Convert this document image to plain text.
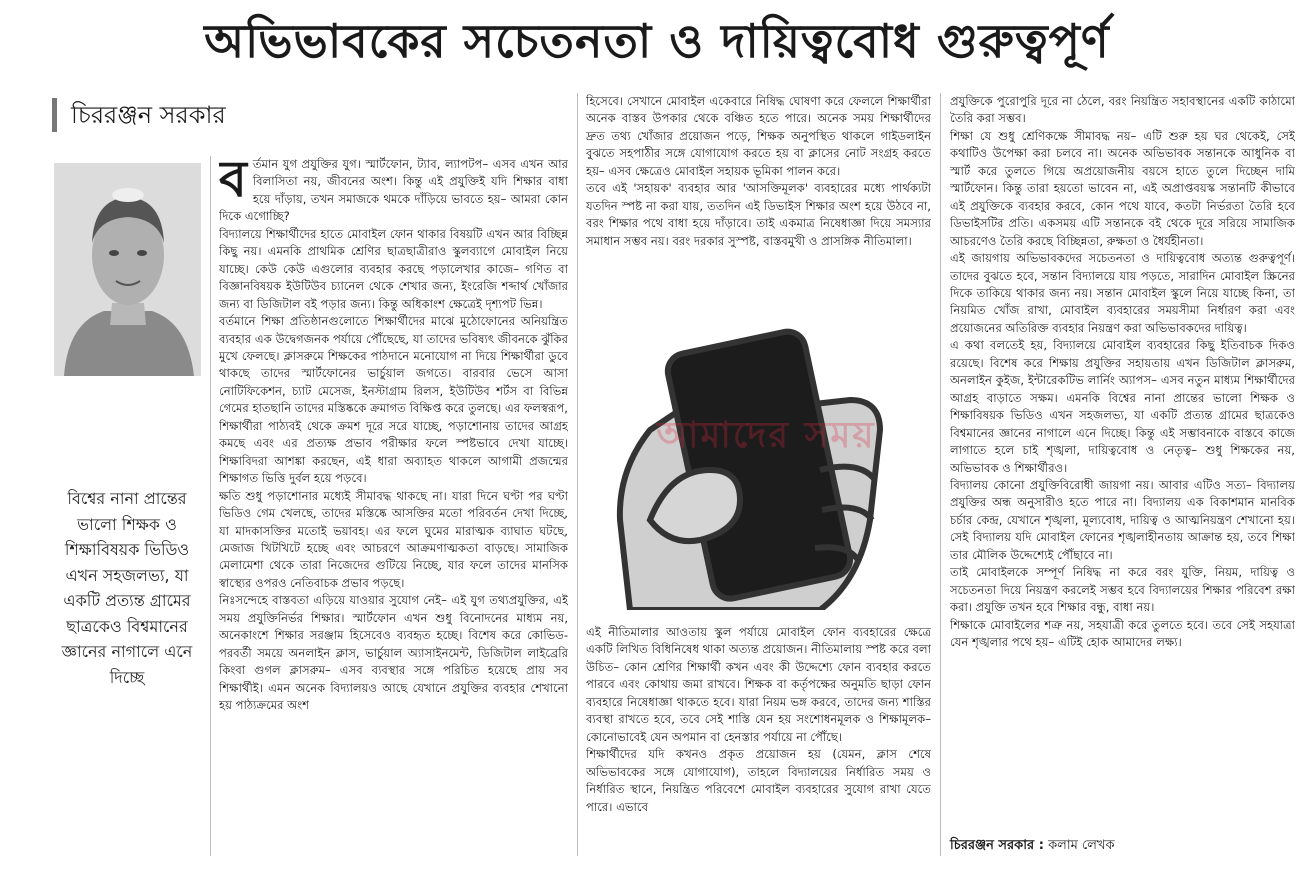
অভিভাবকের সচেতনতা ও দায়িত্ববোধ গুরুত্বপূর্ণ
চিররঞ্জন সরকার
বিশ্বের নানা প্রান্তের ভালো শিক্ষক ও শিক্ষাবিষয়ক ভিডিও এখন সহজলভ্য, যা একটি প্রত্যন্ত গ্রামের ছাত্রকেও বিশ্বমানের জ্ঞানের নাগালে এনে দিচ্ছে
ব র্তমান যুগ প্রযুক্তির যুগ। স্মার্টফোন, ট্যাব, ল্যাপটপ– এসব এখন আর বিলাসিতা নয়, জীবনের অংশ। কিন্তু এই প্রযুক্তিই যদি শিক্ষার বাধা হয়ে দাঁড়ায়, তখন সমাজকে থমকে দাঁড়িয়ে ভাবতে হয়– আমরা কোন দিকে এগোচ্ছি?

বিদ্যালয়ে শিক্ষার্থীদের হাতে মোবাইল ফোন থাকার বিষয়টি এখন আর বিচ্ছিন্ন কিছু নয়। এমনকি প্রাথমিক শ্রেণির ছাত্রছাত্রীরাও স্কুলব্যাগে মোবাইল নিয়ে যাচ্ছে। কেউ কেউ এগুলোর ব্যবহার করছে পড়ালেখার কাজে– গণিত বা বিজ্ঞানবিষয়ক ইউটিউব চ্যানেল থেকে শেখার জন্য, ইংরেজি শব্দার্থ খোঁজার জন্য বা ডিজিটাল বই পড়ার জন্য। কিন্তু অধিকাংশ ক্ষেত্রেই দৃশ্যপট ভিন্ন।

বর্তমানে শিক্ষা প্রতিষ্ঠানগুলোতে শিক্ষার্থীদের মাঝে মুঠোফোনের অনিয়ন্ত্রিত ব্যবহার এক উদ্বেগজনক পর্যায়ে পৌঁছেছে, যা তাদের ভবিষ্যৎ জীবনকে ঝুঁকির মুখে ফেলছে। ক্লাসরুমে শিক্ষকের পাঠদানে মনোযোগ না দিয়ে শিক্ষার্থীরা ডুবে থাকছে তাদের স্মার্টফোনের ভার্চুয়াল জগতে। বারবার ভেসে আসা নোটিফিকেশন, চ্যাট মেসেজ, ইনস্টাগ্রাম রিলস, ইউটিউব শর্টস বা বিভিন্ন গেমের হাতছানি তাদের মস্তিষ্ককে ক্রমাগত বিক্ষিপ্ত করে তুলছে। এর ফলস্বরূপ, শিক্ষার্থীরা পাঠ্যবই থেকে ক্রমশ দূরে সরে যাচ্ছে, পড়াশোনায় তাদের আগ্রহ কমছে এবং এর প্রত্যক্ষ প্রভাব পরীক্ষার ফলে স্পষ্টভাবে দেখা যাচ্ছে। শিক্ষাবিদরা আশঙ্কা করছেন, এই ধারা অব্যাহত থাকলে আগামী প্রজন্মের শিক্ষাগত ভিত্তি দুর্বল হয়ে পড়বে।

ক্ষতি শুধু পড়াশোনার মধ্যেই সীমাবদ্ধ থাকছে না। যারা দিনে ঘণ্টা পর ঘণ্টা ভিডিও গেম খেলছে, তাদের মস্তিষ্কে আসক্তির মতো পরিবর্তন দেখা দিচ্ছে, যা মাদকাসক্তির মতোই ভয়াবহ। এর ফলে ঘুমের মারাত্মক ব্যাঘাত ঘটছে, মেজাজ খিটখিটে হচ্ছে এবং আচরণে আক্রমণাত্মকতা বাড়ছে। সামাজিক মেলামেশা থেকে তারা নিজেদের গুটিয়ে নিচ্ছে, যার ফলে তাদের মানসিক স্বাস্থ্যের ওপরও নেতিবাচক প্রভাব পড়ছে।

নিঃসন্দেহে বাস্তবতা এড়িয়ে যাওয়ার সুযোগ নেই– এই যুগ তথ্যপ্রযুক্তির, এই সময় প্রযুক্তিনির্ভর শিক্ষার। স্মার্টফোন এখন শুধু বিনোদনের মাধ্যম নয়, অনেকাংশে শিক্ষার সরঞ্জাম হিসেবেও ব্যবহৃত হচ্ছে। বিশেষ করে কোভিড-পরবর্তী সময়ে অনলাইন ক্লাস, ভার্চুয়াল অ্যাসাইনমেন্ট, ডিজিটাল লাইব্রেরি কিংবা গুগল ক্লাসরুম– এসব ব্যবস্থার সঙ্গে পরিচিত হয়েছে প্রায় সব শিক্ষার্থীই। এমন অনেক বিদ্যালয়ও আছে যেখানে প্রযুক্তির ব্যবহার শেখানো হয় পাঠ্যক্রমের অংশ

হিসেবে। সেখানে মোবাইল একেবারে নিষিদ্ধ ঘোষণা করে ফেললে শিক্ষার্থীরা অনেক বাস্তব উপকার থেকে বঞ্চিত হতে পারে। অনেক সময় শিক্ষার্থীদের দ্রুত তথ্য খোঁজার প্রয়োজন পড়ে, শিক্ষক অনুপস্থিত থাকলে গাইডলাইন বুঝতে সহপাঠীর সঙ্গে যোগাযোগ করতে হয় বা ক্লাসের নোট সংগ্রহ করতে হয়– এসব ক্ষেত্রেও মোবাইল সহায়ক ভূমিকা পালন করে।

তবে এই 'সহায়ক' ব্যবহার আর 'আসক্তিমূলক' ব্যবহারের মধ্যে পার্থক্যটা যতদিন স্পষ্ট না করা যায়, ততদিন এই ডিভাইস শিক্ষার অংশ হয়ে উঠবে না, বরং শিক্ষার পথে বাধা হয়ে দাঁড়াবে। তাই একমাত্র নিষেধাজ্ঞা দিয়ে সমস্যার সমাধান সম্ভব নয়। বরং দরকার সুস্পষ্ট, বাস্তবমুখী ও প্রাসঙ্গিক নীতিমালা।

আমাদের সময়

এই নীতিমালার আওতায় স্কুল পর্যায়ে মোবাইল ফোন ব্যবহারের ক্ষেত্রে একটি লিখিত বিধিনিষেধ থাকা অত্যন্ত প্রয়োজন। নীতিমালায় স্পষ্ট করে বলা উচিত– কোন শ্রেণির শিক্ষার্থী কখন এবং কী উদ্দেশ্যে ফোন ব্যবহার করতে পারবে এবং কোথায় জমা রাখবে। শিক্ষক বা কর্তৃপক্ষের অনুমতি ছাড়া ফোন ব্যবহারে নিষেধাজ্ঞা থাকতে হবে। যারা নিয়ম ভঙ্গ করবে, তাদের জন্য শাস্তির ব্যবস্থা রাখতে হবে, তবে সেই শাস্তি যেন হয় সংশোধনমূলক ও শিক্ষামূলক– কোনোভাবেই যেন অপমান বা হেনস্তার পর্যায়ে না পৌঁছে।

শিক্ষার্থীদের যদি কখনও প্রকৃত প্রয়োজন হয় (যেমন, ক্লাস শেষে অভিভাবকের সঙ্গে যোগাযোগ), তাহলে বিদ্যালয়ের নির্ধারিত সময় ও নির্ধারিত স্থানে, নিয়ন্ত্রিত পরিবেশে মোবাইল ব্যবহারের সুযোগ রাখা যেতে পারে। এভাবে

প্রযুক্তিকে পুরোপুরি দূরে না ঠেলে, বরং নিয়ন্ত্রিত সহাবস্থানের একটি কাঠামো তৈরি করা সম্ভব।

শিক্ষা যে শুধু শ্রেণিকক্ষে সীমাবদ্ধ নয়– এটি শুরু হয় ঘর থেকেই, সেই কথাটিও উপেক্ষা করা চলবে না। অনেক অভিভাবক সন্তানকে আধুনিক বা স্মার্ট করে তুলতে গিয়ে অপ্রয়োজনীয় বয়সে হাতে তুলে দিচ্ছেন দামি স্মার্টফোন। কিন্তু তারা হয়তো ভাবেন না, এই অপ্রাপ্তবয়স্ক সন্তানটি কীভাবে এই প্রযুক্তিকে ব্যবহার করবে, কোন পথে যাবে, কতটা নির্ভরতা তৈরি হবে ডিভাইসটির প্রতি। একসময় এটি সন্তানকে বই থেকে দূরে সরিয়ে সামাজিক আচরণেও তৈরি করছে বিচ্ছিন্নতা, রুক্ষতা ও ধৈর্যহীনতা।

এই জায়গায় অভিভাবকদের সচেতনতা ও দায়িত্ববোধ অত্যন্ত গুরুত্বপূর্ণ। তাদের বুঝতে হবে, সন্তান বিদ্যালয়ে যায় পড়তে, সারাদিন মোবাইল স্ক্রিনের দিকে তাকিয়ে থাকার জন্য নয়। সন্তান মোবাইল স্কুলে নিয়ে যাচ্ছে কিনা, তা নিয়মিত খোঁজ রাখা, মোবাইল ব্যবহারের সময়সীমা নির্ধারণ করা এবং প্রয়োজনের অতিরিক্ত ব্যবহার নিয়ন্ত্রণ করা অভিভাবকদের দায়িত্ব।

এ কথা বলতেই হয়, বিদ্যালয়ে মোবাইল ব্যবহারের কিছু ইতিবাচক দিকও রয়েছে। বিশেষ করে শিক্ষায় প্রযুক্তির সহায়তায় এখন ডিজিটাল ক্লাসরুম, অনলাইন কুইজ, ইন্টারেকটিভ লার্নিং অ্যাপস– এসব নতুন মাধ্যম শিক্ষার্থীদের আগ্রহ বাড়াতে সক্ষম। এমনকি বিশ্বের নানা প্রান্তের ভালো শিক্ষক ও শিক্ষাবিষয়ক ভিডিও এখন সহজলভ্য, যা একটি প্রত্যন্ত গ্রামের ছাত্রকেও বিশ্বমানের জ্ঞানের নাগালে এনে দিচ্ছে। কিন্তু এই সম্ভাবনাকে বাস্তবে কাজে লাগাতে হলে চাই শৃঙ্খলা, দায়িত্ববোধ ও নেতৃত্ব– শুধু শিক্ষকের নয়, অভিভাবক ও শিক্ষার্থীরও।

বিদ্যালয় কোনো প্রযুক্তিবিরোধী জায়গা নয়। আবার এটিও সত্য– বিদ্যালয় প্রযুক্তির অন্ধ অনুসারীও হতে পারে না। বিদ্যালয় এক বিকাশমান মানবিক চর্চার কেন্দ্র, যেখানে শৃঙ্খলা, মূল্যবোধ, দায়িত্ব ও আত্মনিয়ন্ত্রণ শেখানো হয়। সেই বিদ্যালয় যদি মোবাইল ফোনের শৃঙ্খলাহীনতায় আক্রান্ত হয়, তবে শিক্ষা তার মৌলিক উদ্দেশ্যেই পৌঁছাবে না।

তাই মোবাইলকে সম্পূর্ণ নিষিদ্ধ না করে বরং যুক্তি, নিয়ম, দায়িত্ব ও সচেতনতা দিয়ে নিয়ন্ত্রণ করলেই সম্ভব হবে বিদ্যালয়ের শিক্ষার পরিবেশ রক্ষা করা। প্রযুক্তি তখন হবে শিক্ষার বন্ধু, বাধা নয়।

শিক্ষাকে মোবাইলের শত্রু নয়, সহযাত্রী করে তুলতে হবে। তবে সেই সহযাত্রা যেন শৃঙ্খলার পথে হয়– এটিই হোক আমাদের লক্ষ্য।

চিররঞ্জন সরকার : কলাম লেখক
